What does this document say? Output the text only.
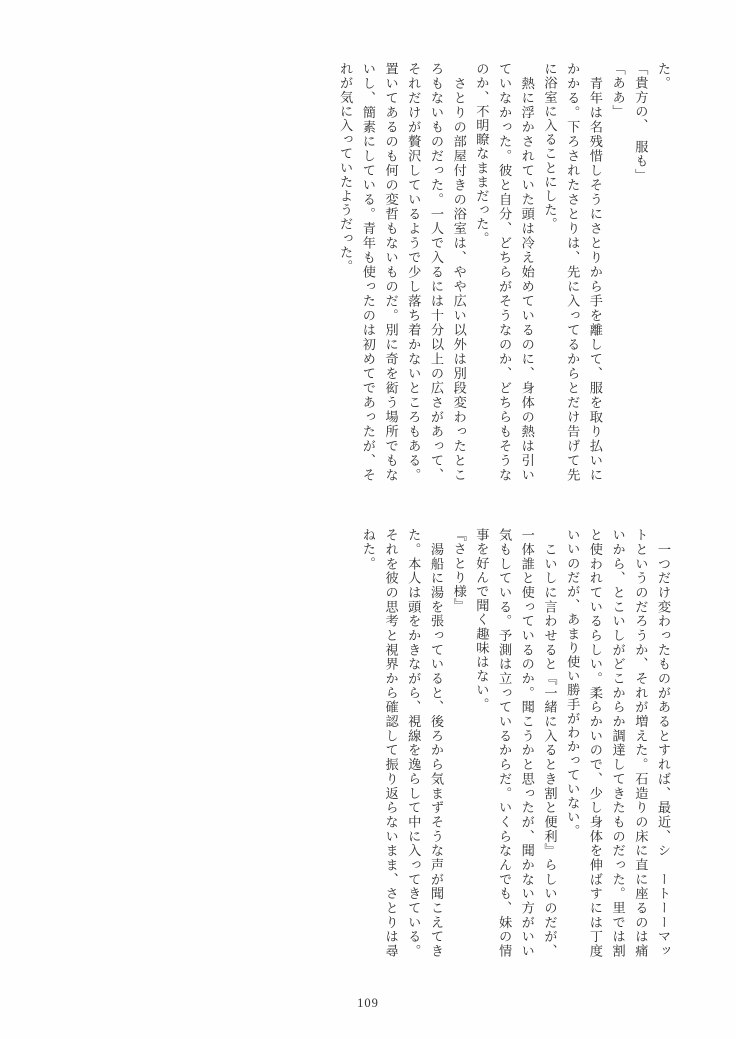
た。

「貴方の、　服も」

「ああ」

　青年は名残惜しそうにさとりから手を離して、服を取り払いにかかる。下ろされたさとりは、先に入ってるからとだけ告げて先に浴室に入ることにした。

　熱に浮かされていた頭は冷え始めているのに、身体の熱は引いていなかった。彼と自分、どちらがそうなのか、どちらもそうなのか、不明瞭なままだった。

　さとりの部屋付きの浴室は、やや広い以外は別段変わったところもないものだった。一人で入るには十分以上の広さがあって、それだけが贅沢しているようで少し落ち着かないところもある。置いてあるのも何の変哲もないものだ。別に奇を衒う場所でもないし、簡素にしている。青年も使ったのは初めてであったが、それが気に入っていたようだった。

　一つだけ変わったものがあるとすれば、最近、シ　ートーーマットというのだろうか、それが増えた。石造りの床に直に座るのは痛いから、とこいしがどこからか調達してきたものだった。里では割と使われているらしい。柔らかいので、少し身体を伸ばすには丁度いいのだが、あまり使い勝手がわかっていない。

　こいしに言わせると『一緒に入るとき割と便利』らしいのだが、一体誰と使っているのか。聞こうかと思ったが、聞かない方がいい気もしている。予測は立っているからだ。いくらなんでも、妹の情事を好んで聞く趣味はない。

『さとり様』

　湯船に湯を張っていると、後ろから気まずそうな声が聞こえてきた。本人は頭をかきながら、視線を逸らして中に入ってきている。それを彼の思考と視界から確認して振り返らないまま、さとりは尋ねた。

109
